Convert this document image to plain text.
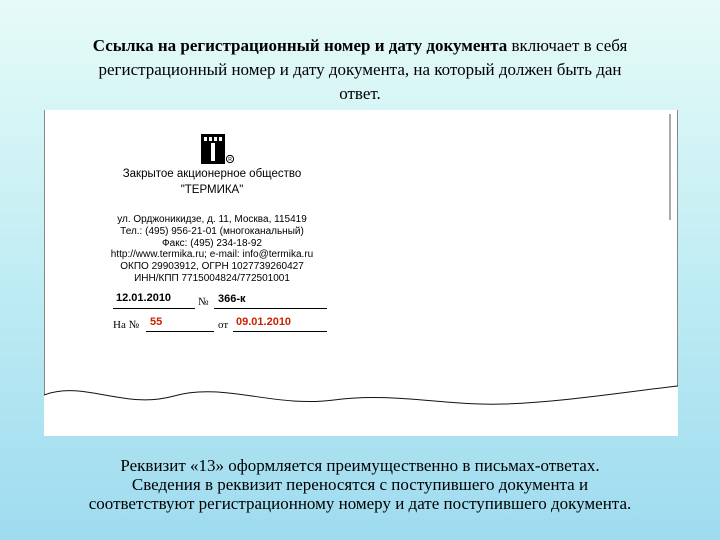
Ссылка на регистрационный номер и дату документа включает в себя
регистрационный номер и дату документа, на который должен быть дан
ответ.
R
Закрытое акционерное общество
"ТЕРМИКА"
ул. Орджоникидзе, д. 11, Москва, 115419
Тел.: (495) 956-21-01 (многоканальный)
Факс: (495) 234-18-92
http://www.termika.ru; e-mail: info@termika.ru
ОКПО 29903912, ОГРН 1027739260427
ИНН/КПП 7715004824/772501001
12.01.2010 № 366-к
На № 55	от 09.01.2010
Реквизит «13» оформляется преимущественно в письмах-ответах.
Сведения в реквизит переносятся с поступившего документа и
соответствуют регистрационному номеру и дате поступившего документа.
